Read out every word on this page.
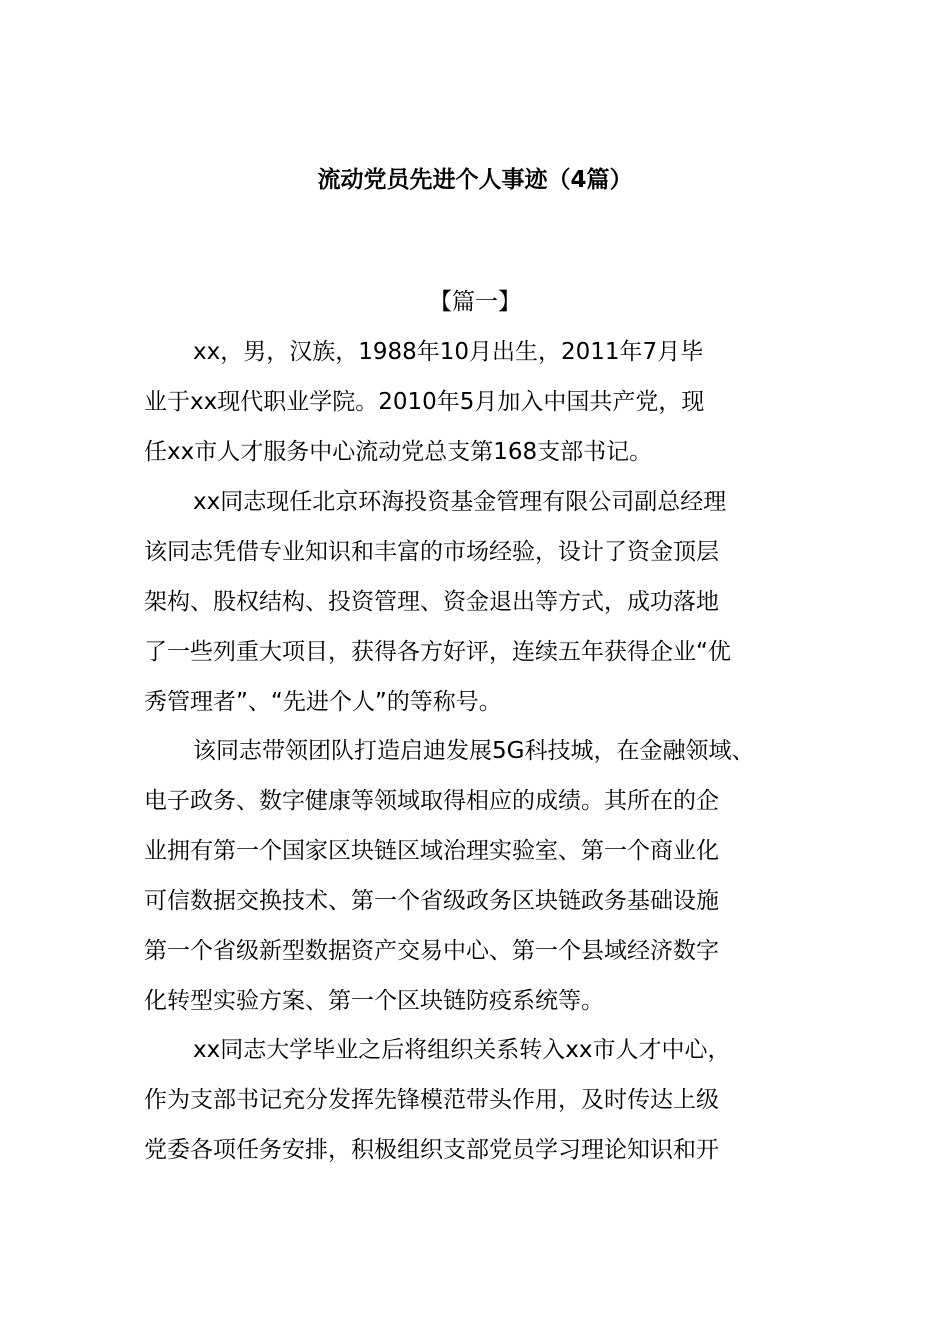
流动党员先进个人事迹（4篇）
【篇一】
xx，男，汉族，1988年10月出生，2011年7月毕
业于xx现代职业学院。2010年5月加入中国共产党，现
任xx市人才服务中心流动党总支第168支部书记。
xx同志现任北京环海投资基金管理有限公司副总经理
该同志凭借专业知识和丰富的市场经验，设计了资金顶层
架构、股权结构、投资管理、资金退出等方式，成功落地
了一些列重大项目，获得各方好评，连续五年获得企业“优
秀管理者”、“先进个人”的等称号。
该同志带领团队打造启迪发展5G科技城，在金融领域、
电子政务、数字健康等领域取得相应的成绩。其所在的企
业拥有第一个国家区块链区域治理实验室、第一个商业化
可信数据交换技术、第一个省级政务区块链政务基础设施
第一个省级新型数据资产交易中心、第一个县域经济数字
化转型实验方案、第一个区块链防疫系统等。
xx同志大学毕业之后将组织关系转入xx市人才中心，
作为支部书记充分发挥先锋模范带头作用，及时传达上级
党委各项任务安排，积极组织支部党员学习理论知识和开
